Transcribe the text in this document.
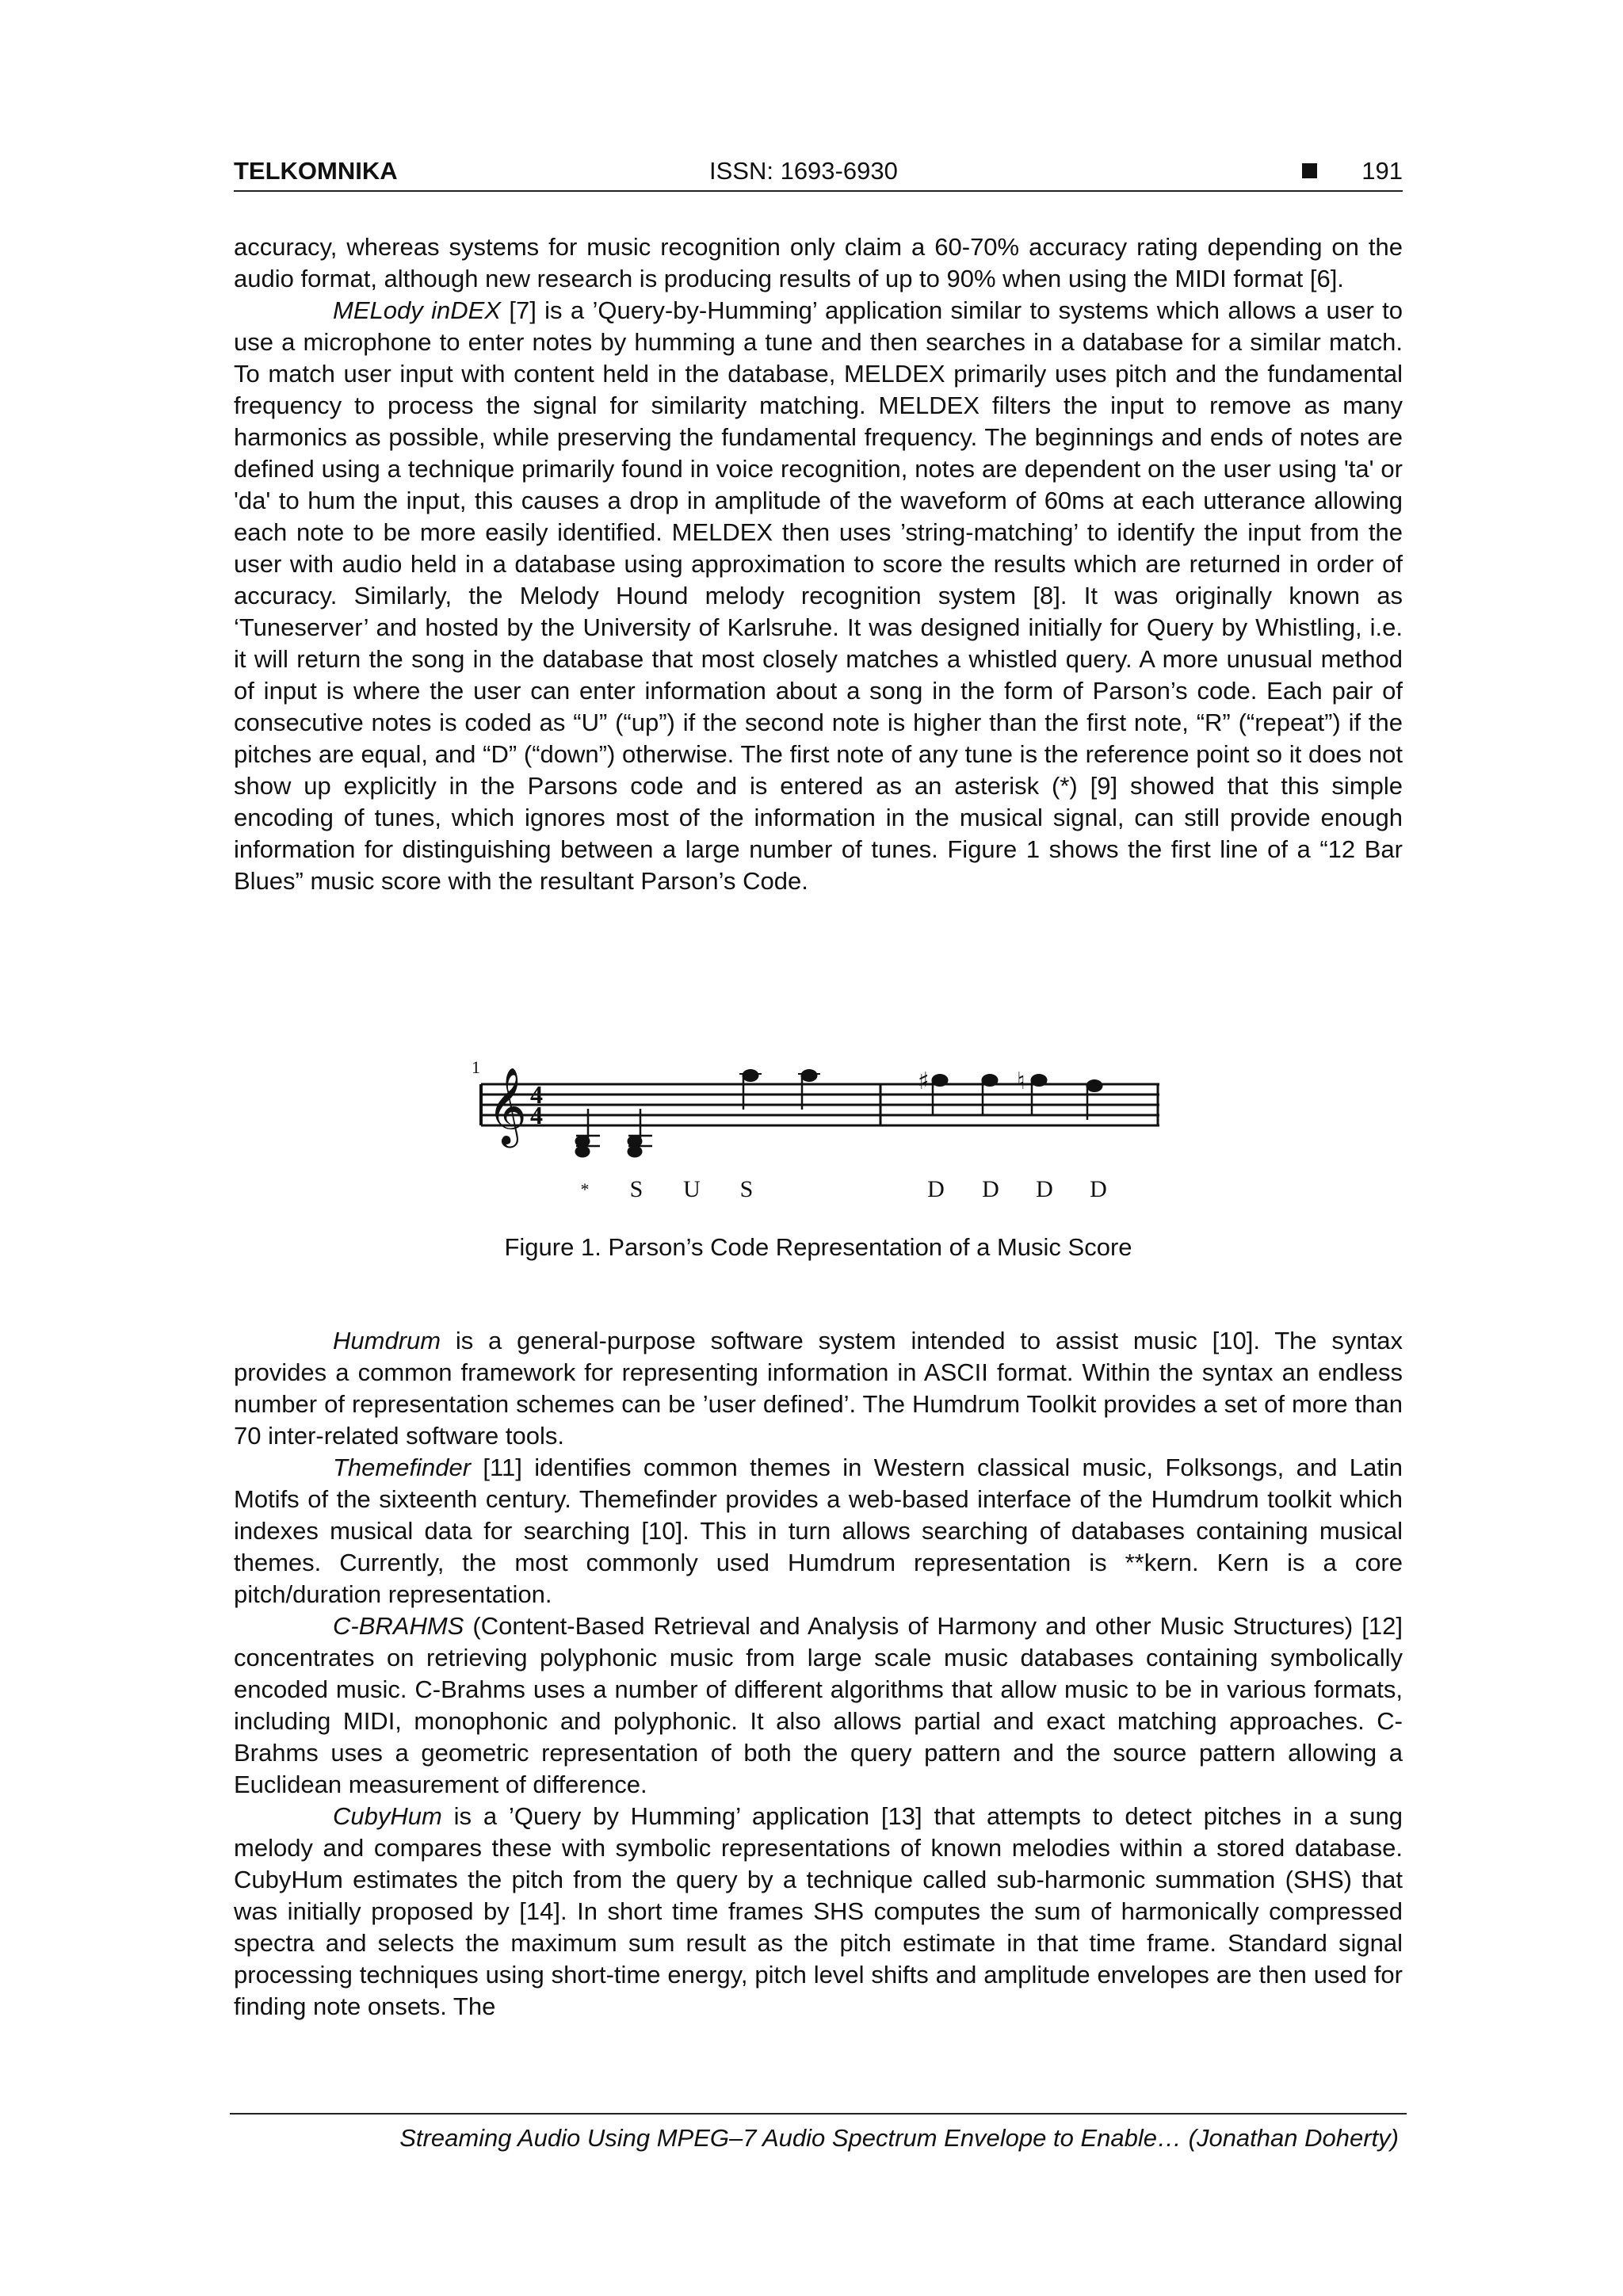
TELKOMNIKA	ISSN: 1693-6930	191

accuracy, whereas systems for music recognition only claim a 60-70% accuracy rating depending on the audio format, although new research is producing results of up to 90% when using the MIDI format [6].

MELody inDEX [7] is a ’Query-by-Humming’ application similar to systems which allows a user to use a microphone to enter notes by humming a tune and then searches in a database for a similar match. To match user input with content held in the database, MELDEX primarily uses pitch and the fundamental frequency to process the signal for similarity matching. MELDEX filters the input to remove as many harmonics as possible, while preserving the fundamental frequency. The beginnings and ends of notes are defined using a technique primarily found in voice recognition, notes are dependent on the user using 'ta' or 'da' to hum the input, this causes a drop in amplitude of the waveform of 60ms at each utterance allowing each note to be more easily identified. MELDEX then uses ’string-matching’ to identify the input from the user with audio held in a database using approximation to score the results which are returned in order of accuracy. Similarly, the Melody Hound melody recognition system [8]. It was originally known as ‘Tuneserver’ and hosted by the University of Karlsruhe. It was designed initially for Query by Whistling, i.e. it will return the song in the database that most closely matches a whistled query. A more unusual method of input is where the user can enter information about a song in the form of Parson’s code. Each pair of consecutive notes is coded as “U” (“up”) if the second note is higher than the first note, “R” (“repeat”) if the pitches are equal, and “D” (“down”) otherwise. The first note of any tune is the reference point so it does not show up explicitly in the Parsons code and is entered as an asterisk (*) [9] showed that this simple encoding of tunes, which ignores most of the information in the musical signal, can still provide enough information for distinguishing between a large number of tunes. Figure 1 shows the first line of a “12 Bar Blues” music score with the resultant Parson’s Code.

1 𝄞 4
4
♯	♮
* S U S	D D D D
Figure 1. Parson’s Code Representation of a Music Score

Humdrum is a general-purpose software system intended to assist music [10]. The syntax provides a common framework for representing information in ASCII format. Within the syntax an endless number of representation schemes can be ’user defined’. The Humdrum Toolkit provides a set of more than 70 inter-related software tools.

Themefinder [11] identifies common themes in Western classical music, Folksongs, and Latin Motifs of the sixteenth century. Themefinder provides a web-based interface of the Humdrum toolkit which indexes musical data for searching [10]. This in turn allows searching of databases containing musical themes. Currently, the most commonly used Humdrum representation is **kern. Kern is a core pitch/duration representation.

C-BRAHMS (Content-Based Retrieval and Analysis of Harmony and other Music Structures) [12] concentrates on retrieving polyphonic music from large scale music databases containing symbolically encoded music. C-Brahms uses a number of different algorithms that allow music to be in various formats, including MIDI, monophonic and polyphonic. It also allows partial and exact matching approaches. C-Brahms uses a geometric representation of both the query pattern and the source pattern allowing a Euclidean measurement of difference.

CubyHum is a ’Query by Humming’ application [13] that attempts to detect pitches in a sung melody and compares these with symbolic representations of known melodies within a stored database. CubyHum estimates the pitch from the query by a technique called sub-harmonic summation (SHS) that was initially proposed by [14]. In short time frames SHS computes the sum of harmonically compressed spectra and selects the maximum sum result as the pitch estimate in that time frame. Standard signal processing techniques using short-time energy, pitch level shifts and amplitude envelopes are then used for finding note onsets. The

Streaming Audio Using MPEG–7 Audio Spectrum Envelope to Enable… (Jonathan Doherty)
